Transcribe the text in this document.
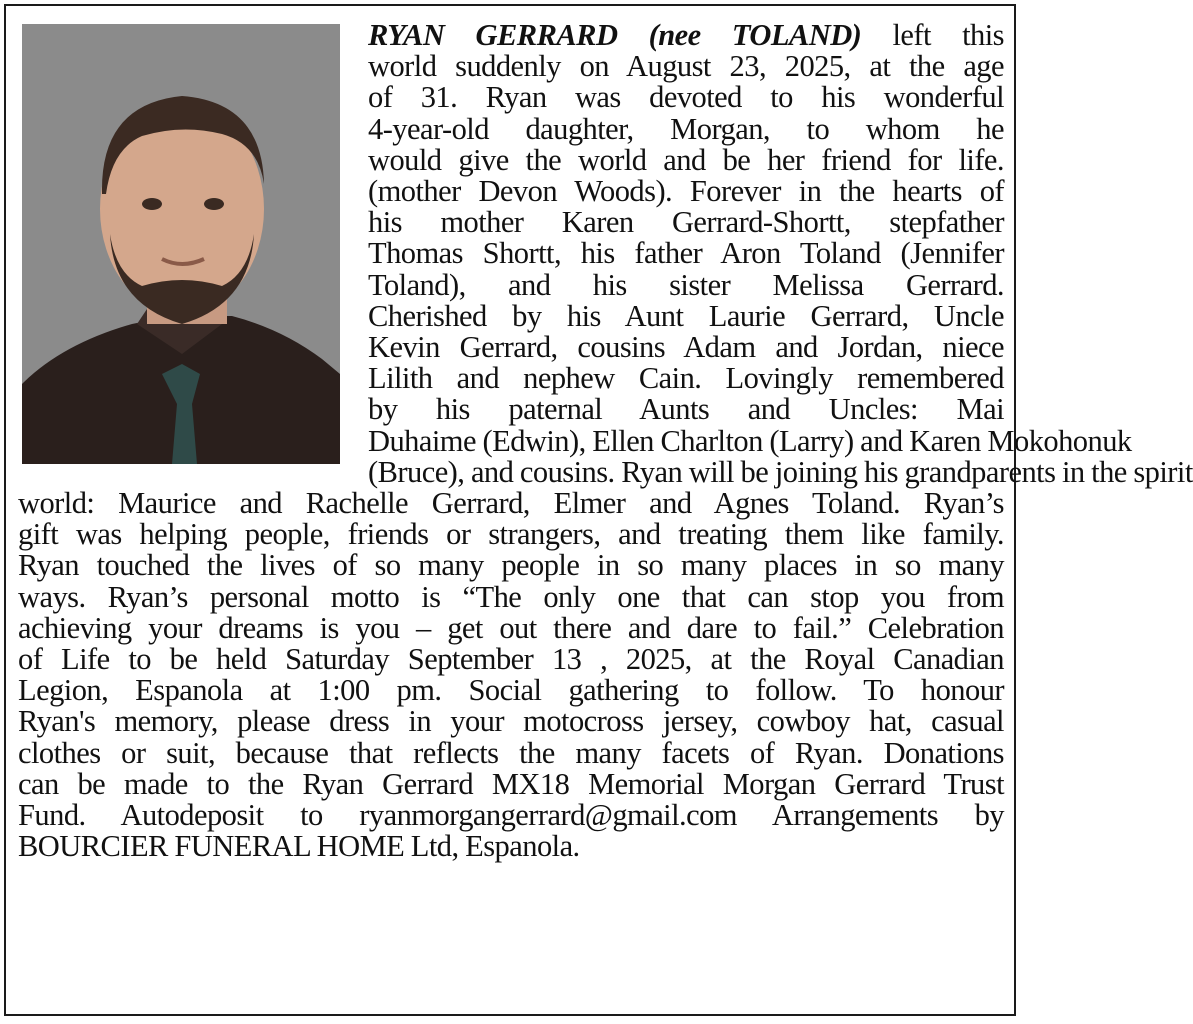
RYAN GERRARD (nee TOLAND) left this
world suddenly on August 23, 2025, at the age
of 31. Ryan was devoted to his wonderful
4-year-old daughter, Morgan, to whom he
would give the world and be her friend for life.
(mother Devon Woods). Forever in the hearts of
his mother Karen Gerrard-Shortt, stepfather
Thomas Shortt, his father Aron Toland (Jennifer
Toland), and his sister Melissa Gerrard.
Cherished by his Aunt Laurie Gerrard, Uncle
Kevin Gerrard, cousins Adam and Jordan, niece
Lilith and nephew Cain. Lovingly remembered
by his paternal Aunts and Uncles: Mai
Duhaime (Edwin), Ellen Charlton (Larry) and Karen Mokohonuk
(Bruce), and cousins. Ryan will be joining his grandparents in the spirit
world: Maurice and Rachelle Gerrard, Elmer and Agnes Toland. Ryan’s
gift was helping people, friends or strangers, and treating them like family.
Ryan touched the lives of so many people in so many places in so many
ways. Ryan’s personal motto is “The only one that can stop you from
achieving your dreams is you – get out there and dare to fail.” Celebration
of Life to be held Saturday September 13 , 2025, at the Royal Canadian
Legion, Espanola at 1:00 pm. Social gathering to follow. To honour
Ryan's memory, please dress in your motocross jersey, cowboy hat, casual
clothes or suit, because that reflects the many facets of Ryan. Donations
can be made to the Ryan Gerrard MX18 Memorial Morgan Gerrard Trust
Fund. Autodeposit to ryanmorgangerrard@gmail.com Arrangements by
BOURCIER FUNERAL HOME Ltd, Espanola.
